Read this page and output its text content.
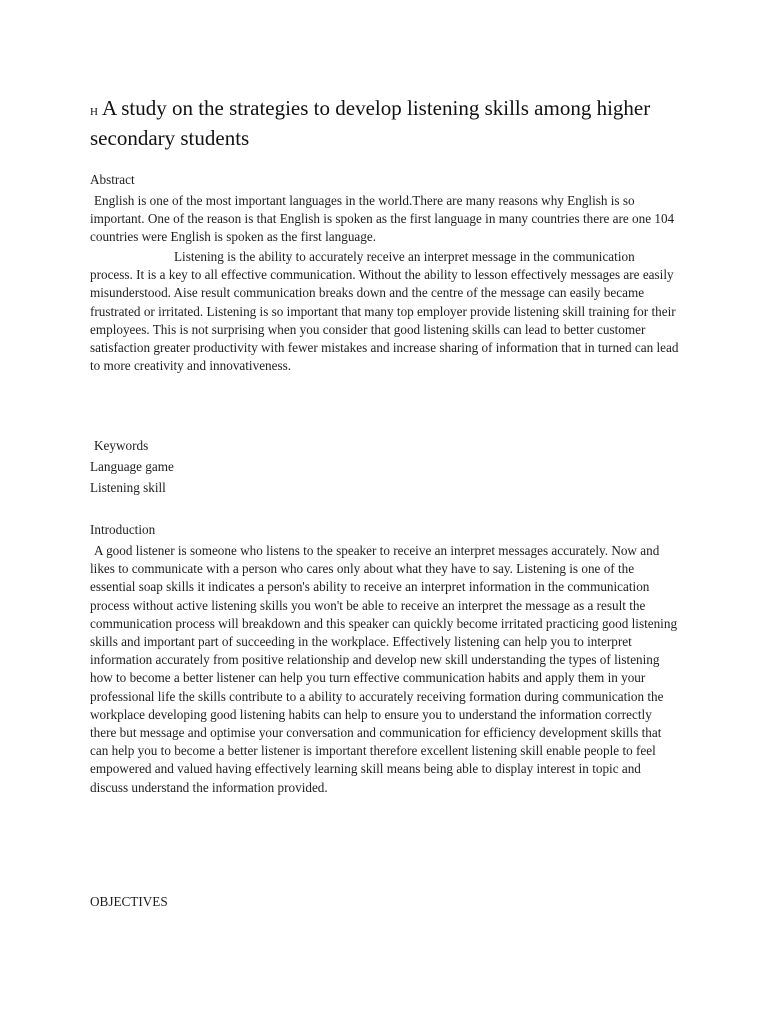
H A study on the strategies to develop listening skills among higher secondary students
Abstract
English is one of the most important languages in the world.There are many reasons why English is so important. One of the reason is that English is spoken as the first language in many countries there are one 104 countries were English is spoken as the first language.
Listening is the ability to accurately receive an interpret message in the communication process. It is a key to all effective communication. Without the ability to lesson effectively messages are easily misunderstood. Aise result communication breaks down and the centre of the message can easily became frustrated or irritated. Listening is so important that many top employer provide listening skill training for their employees. This is not surprising when you consider that good listening skills can lead to better customer satisfaction greater productivity with fewer mistakes and increase sharing of information that in turned can lead to more creativity and innovativeness.
Keywords
Language game
Listening skill
Introduction
A good listener is someone who listens to the speaker to receive an interpret messages accurately. Now and likes to communicate with a person who cares only about what they have to say. Listening is one of the essential soap skills it indicates a person's ability to receive an interpret information in the communication process without active listening skills you won't be able to receive an interpret the message as a result the communication process will breakdown and this speaker can quickly become irritated practicing good listening skills and important part of succeeding in the workplace. Effectively listening can help you to interpret information accurately from positive relationship and develop new skill understanding the types of listening how to become a better listener can help you turn effective communication habits and apply them in your professional life the skills contribute to a ability to accurately receiving formation during communication the workplace developing good listening habits can help to ensure you to understand the information correctly there but message and optimise your conversation and communication for efficiency development skills that can help you to become a better listener is important therefore excellent listening skill enable people to feel empowered and valued having effectively learning skill means being able to display interest in topic and discuss understand the information provided.
OBJECTIVES
